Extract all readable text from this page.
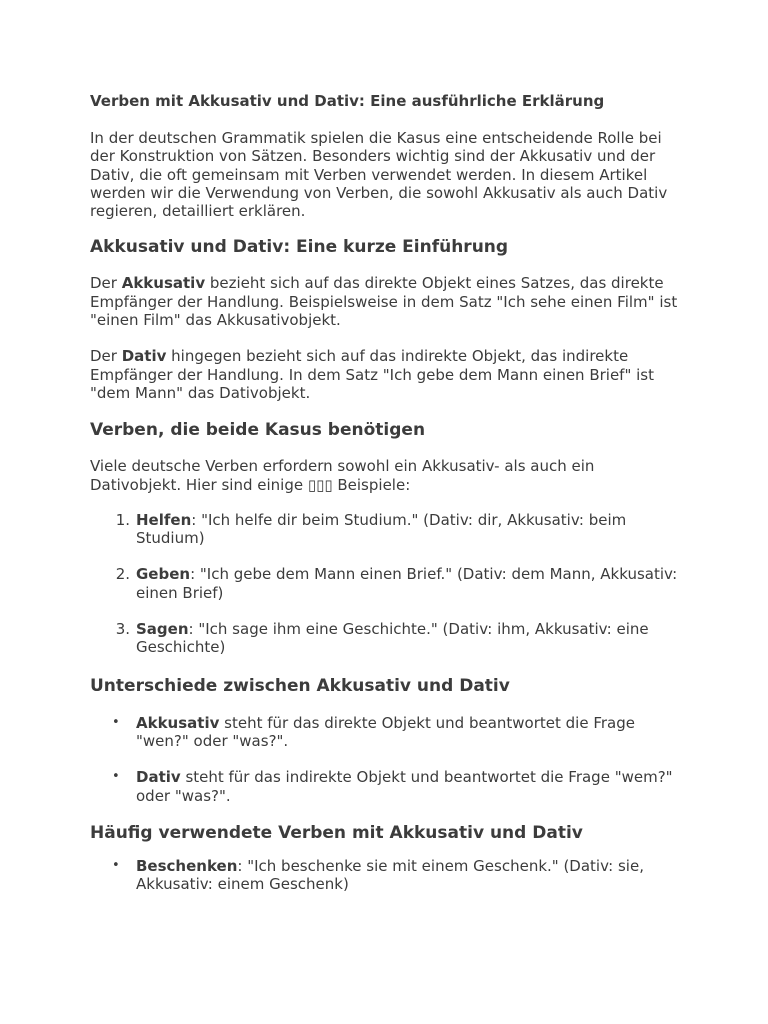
Verben mit Akkusativ und Dativ: Eine ausführliche Erklärung

In der deutschen Grammatik spielen die Kasus eine entscheidende Rolle bei der Konstruktion von Sätzen. Besonders wichtig sind der Akkusativ und der Dativ, die oft gemeinsam mit Verben verwendet werden. In diesem Artikel werden wir die Verwendung von Verben, die sowohl Akkusativ als auch Dativ regieren, detailliert erklären.

Akkusativ und Dativ: Eine kurze Einführung

Der Akkusativ bezieht sich auf das direkte Objekt eines Satzes, das direkte Empfänger der Handlung. Beispielsweise in dem Satz "Ich sehe einen Film" ist "einen Film" das Akkusativobjekt.

Der Dativ hingegen bezieht sich auf das indirekte Objekt, das indirekte Empfänger der Handlung. In dem Satz "Ich gebe dem Mann einen Brief" ist "dem Mann" das Dativobjekt.

Verben, die beide Kasus benötigen

Viele deutsche Verben erfordern sowohl ein Akkusativ- als auch ein Dativobjekt. Hier sind einige ▯▯▯ Beispiele:

1. Helfen: "Ich helfe dir beim Studium." (Dativ: dir, Akkusativ: beim Studium)
2. Geben: "Ich gebe dem Mann einen Brief." (Dativ: dem Mann, Akkusativ: einen Brief)
3. Sagen: "Ich sage ihm eine Geschichte." (Dativ: ihm, Akkusativ: eine Geschichte)
Unterschiede zwischen Akkusativ und Dativ
• Akkusativ steht für das direkte Objekt und beantwortet die Frage "wen?" oder "was?".
• Dativ steht für das indirekte Objekt und beantwortet die Frage "wem?" oder "was?".
Häufig verwendete Verben mit Akkusativ und Dativ
• Beschenken: "Ich beschenke sie mit einem Geschenk." (Dativ: sie, Akkusativ: einem Geschenk)
